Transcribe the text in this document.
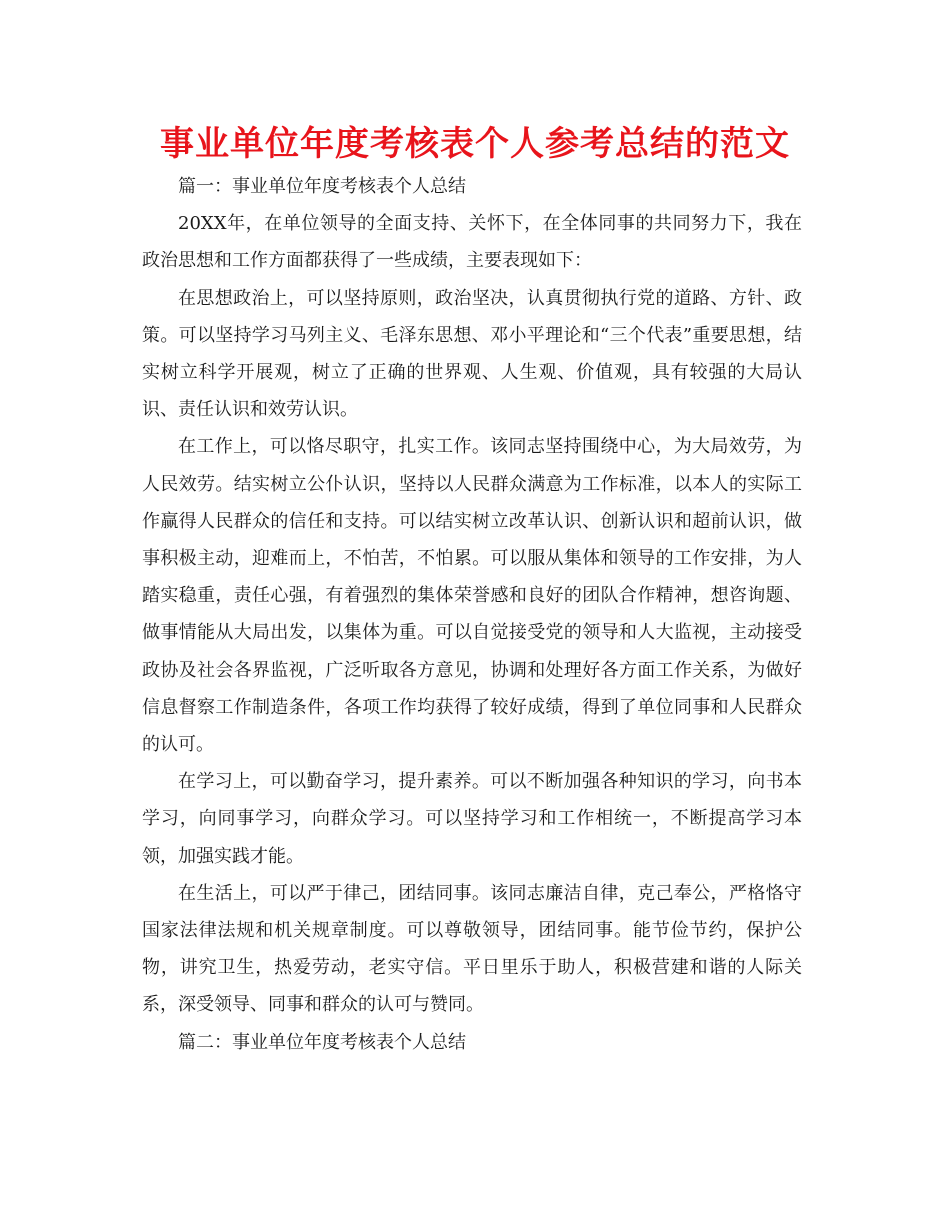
事业单位年度考核表个人参考总结的范文

篇一：事业单位年度考核表个人总结

20XX年，在单位领导的全面支持、关怀下，在全体同事的共同努力下，我在政治思想和工作方面都获得了一些成绩，主要表现如下：

在思想政治上，可以坚持原则，政治坚决，认真贯彻执行党的道路、方针、政策。可以坚持学习马列主义、毛泽东思想、邓小平理论和“三个代表”重要思想，结实树立科学开展观，树立了正确的世界观、人生观、价值观，具有较强的大局认识、责任认识和效劳认识。

在工作上，可以恪尽职守，扎实工作。该同志坚持围绕中心，为大局效劳，为人民效劳。结实树立公仆认识，坚持以人民群众满意为工作标准，以本人的实际工作赢得人民群众的信任和支持。可以结实树立改革认识、创新认识和超前认识，做事积极主动，迎难而上，不怕苦，不怕累。可以服从集体和领导的工作安排，为人踏实稳重，责任心强，有着强烈的集体荣誉感和良好的团队合作精神，想咨询题、做事情能从大局出发，以集体为重。可以自觉接受党的领导和人大监视，主动接受政协及社会各界监视，广泛听取各方意见，协调和处理好各方面工作关系，为做好信息督察工作制造条件，各项工作均获得了较好成绩，得到了单位同事和人民群众的认可。

在学习上，可以勤奋学习，提升素养。可以不断加强各种知识的学习，向书本学习，向同事学习，向群众学习。可以坚持学习和工作相统一，不断提高学习本领，加强实践才能。

在生活上，可以严于律己，团结同事。该同志廉洁自律，克己奉公，严格恪守国家法律法规和机关规章制度。可以尊敬领导，团结同事。能节俭节约，保护公物，讲究卫生，热爱劳动，老实守信。平日里乐于助人，积极营建和谐的人际关系，深受领导、同事和群众的认可与赞同。

篇二：事业单位年度考核表个人总结
